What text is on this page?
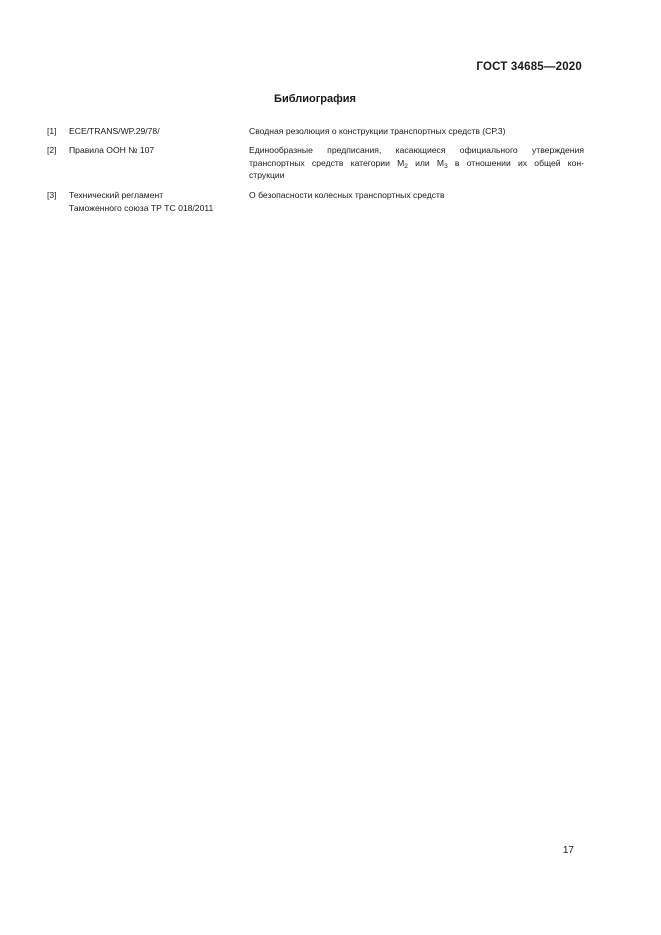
ГОСТ 34685—2020
Библиография
[1] ECE/TRANS/WP.29/78/	Сводная резолюция о конструкции транспортных средств (СР.3)
[2] Правила ООН № 107	Единообразные предписания, касающиеся официального утверждения
транспортных средств категории $М_2$ или $М_3$ в отношении их общей кон-
струкции
[3] Технический регламент
Таможенного союза ТР ТС 018/2011
О безопасности колесных транспортных средств
17
